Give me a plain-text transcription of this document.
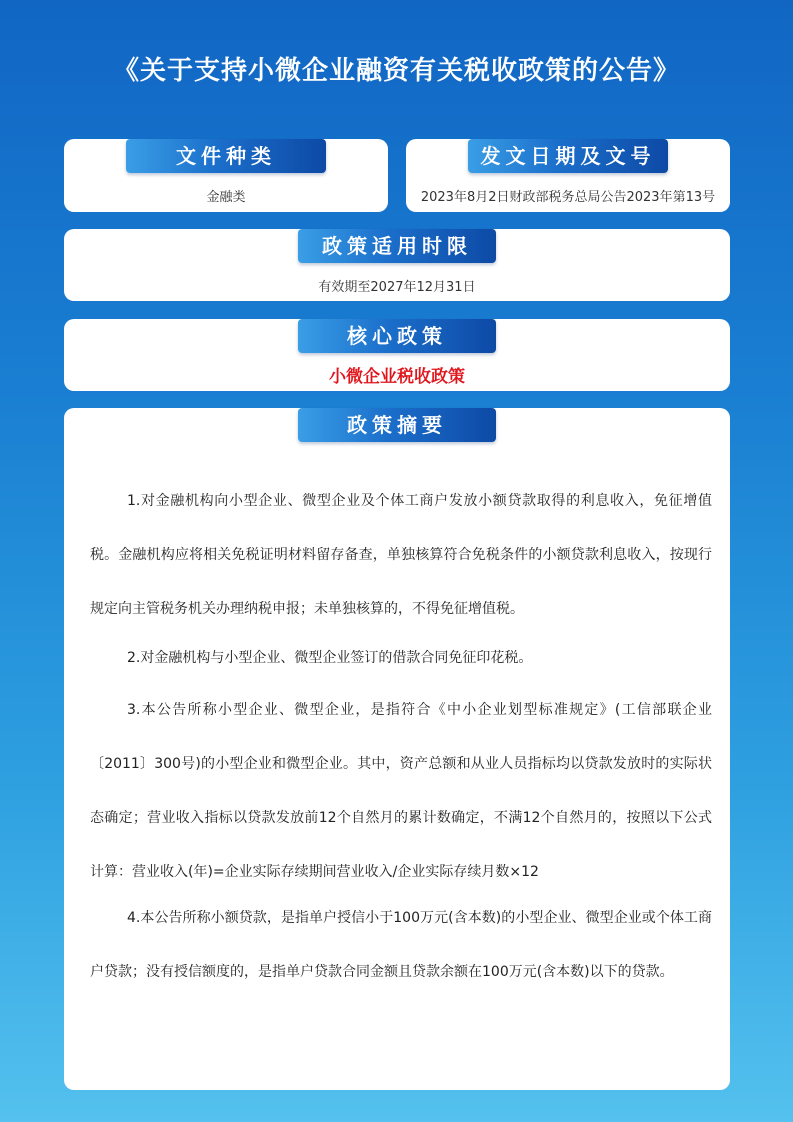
《关于支持小微企业融资有关税收政策的公告》
文件种类
金融类
发文日期及文号
2023年8月2日财政部税务总局公告2023年第13号
政策适用时限
有效期至2027年12月31日
核心政策
小微企业税收政策
政策摘要

1.对金融机构向小型企业、微型企业及个体工商户发放小额贷款取得的利息收入，免征增值税。金融机构应将相关免税证明材料留存备查，单独核算符合免税条件的小额贷款利息收入，按现行规定向主管税务机关办理纳税申报；未单独核算的，不得免征增值税。

2.对金融机构与小型企业、微型企业签订的借款合同免征印花税。

3.本公告所称小型企业、微型企业，是指符合《中小企业划型标准规定》(工信部联企业〔2011〕300号)的小型企业和微型企业。其中，资产总额和从业人员指标均以贷款发放时的实际状态确定；营业收入指标以贷款发放前12个自然月的累计数确定，不满12个自然月的，按照以下公式计算：营业收入(年)=企业实际存续期间营业收入/企业实际存续月数×12

4.本公告所称小额贷款，是指单户授信小于100万元(含本数)的小型企业、微型企业或个体工商户贷款；没有授信额度的，是指单户贷款合同金额且贷款余额在100万元(含本数)以下的贷款。
